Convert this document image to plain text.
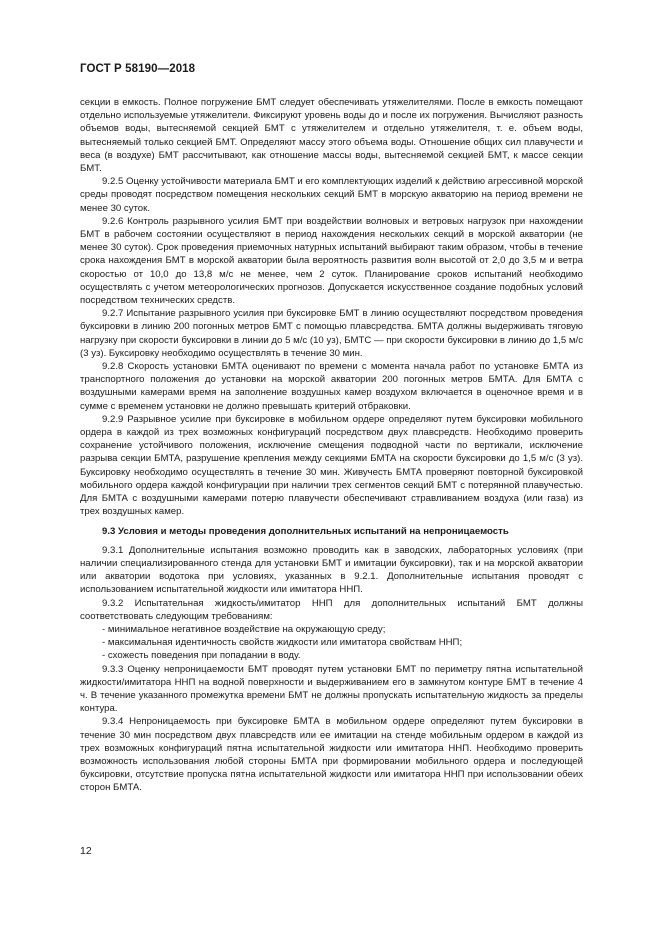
ГОСТ Р 58190—2018

секции в емкость. Полное погружение БМТ следует обеспечивать утяжелителями. После в емкость помещают отдельно используемые утяжелители. Фиксируют уровень воды до и после их погружения. Вычисляют разность объемов воды, вытесняемой секцией БМТ с утяжелителем и отдельно утяжелителя, т. е. объем воды, вытесняемый только секцией БМТ. Определяют массу этого объема воды. Отношение общих сил плавучести и веса (в воздухе) БМТ рассчитывают, как отношение массы воды, вытесняемой секцией БМТ, к массе секции БМТ.

9.2.5 Оценку устойчивости материала БМТ и его комплектующих изделий к действию агрессивной морской среды проводят посредством помещения нескольких секций БМТ в морскую акваторию на период времени не менее 30 суток.

9.2.6 Контроль разрывного усилия БМТ при воздействии волновых и ветровых нагрузок при нахождении БМТ в рабочем состоянии осуществляют в период нахождения нескольких секций в морской акватории (не менее 30 суток). Срок проведения приемочных натурных испытаний выбирают таким образом, чтобы в течение срока нахождения БМТ в морской акватории была вероятность развития волн высотой от 2,0 до 3,5 м и ветра скоростью от 10,0 до 13,8 м/с не менее, чем 2 суток. Планирование сроков испытаний необходимо осуществлять с учетом метеорологических прогнозов. Допускается искусственное создание подобных условий посредством технических средств.

9.2.7 Испытание разрывного усилия при буксировке БМТ в линию осуществляют посредством проведения буксировки в линию 200 погонных метров БМТ с помощью плавсредства. БМТА должны выдерживать тяговую нагрузку при скорости буксировки в линии до 5 м/с (10 уз), БМТС — при скорости буксировки в линию до 1,5 м/с (3 уз). Буксировку необходимо осуществлять в течение 30 мин.

9.2.8 Скорость установки БМТА оценивают по времени с момента начала работ по установке БМТА из транспортного положения до установки на морской акватории 200 погонных метров БМТА. Для БМТА с воздушными камерами время на заполнение воздушных камер воздухом включается в оценочное время и в сумме с временем установки не должно превышать критерий отбраковки.

9.2.9 Разрывное усилие при буксировке в мобильном ордере определяют путем буксировки мобильного ордера в каждой из трех возможных конфигураций посредством двух плавсредств. Необходимо проверить сохранение устойчивого положения, исключение смещения подводной части по вертикали, исключение разрыва секции БМТА, разрушение крепления между секциями БМТА на скорости буксировки до 1,5 м/с (3 уз). Буксировку необходимо осуществлять в течение 30 мин. Живучесть БМТА проверяют повторной буксировкой мобильного ордера каждой конфигурации при наличии трех сегментов секций БМТ с потерянной плавучестью. Для БМТА с воздушными камерами потерю плавучести обеспечивают стравливанием воздуха (или газа) из трех воздушных камер.

9.3 Условия и методы проведения дополнительных испытаний на непроницаемость

9.3.1 Дополнительные испытания возможно проводить как в заводских, лабораторных условиях (при наличии специализированного стенда для установки БМТ и имитации буксировки), так и на морской акватории или акватории водотока при условиях, указанных в 9.2.1. Дополнительные испытания проводят с использованием испытательной жидкости или имитатора ННП.

9.3.2 Испытательная жидкость/имитатор ННП для дополнительных испытаний БМТ должны соответствовать следующим требованиям:

- минимальное негативное воздействие на окружающую среду;

- максимальная идентичность свойств жидкости или имитатора свойствам ННП;

- схожесть поведения при попадании в воду.

9.3.3 Оценку непроницаемости БМТ проводят путем установки БМТ по периметру пятна испытательной жидкости/имитатора ННП на водной поверхности и выдерживанием его в замкнутом контуре БМТ в течение 4 ч. В течение указанного промежутка времени БМТ не должны пропускать испытательную жидкость за пределы контура.

9.3.4 Непроницаемость при буксировке БМТА в мобильном ордере определяют путем буксировки в течение 30 мин посредством двух плавсредств или ее имитации на стенде мобильным ордером в каждой из трех возможных конфигураций пятна испытательной жидкости или имитатора ННП. Необходимо проверить возможность использования любой стороны БМТА при формировании мобильного ордера и последующей буксировки, отсутствие пропуска пятна испытательной жидкости или имитатора ННП при использовании обеих сторон БМТА.

12
